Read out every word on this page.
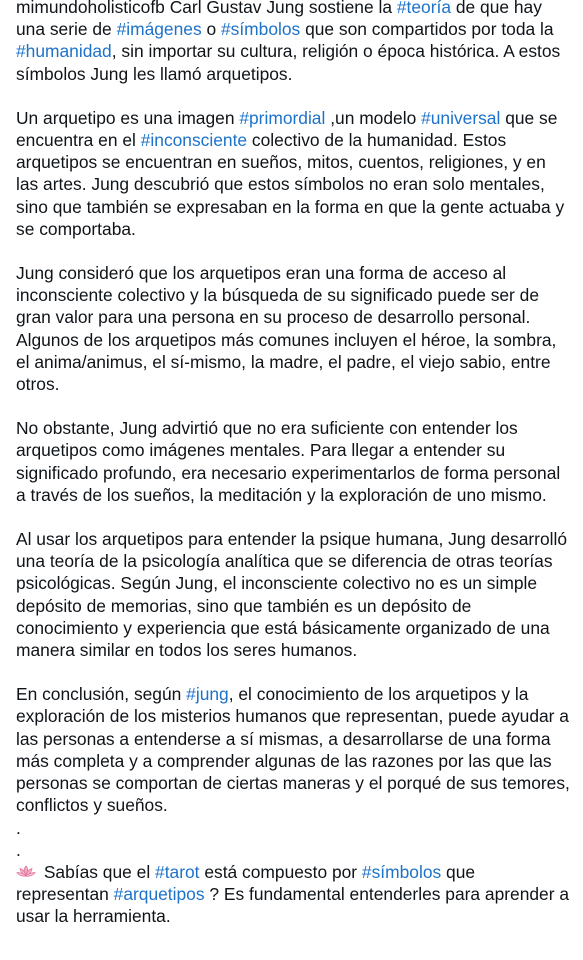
mimundoholisticofb Carl Gustav Jung sostiene la #teoría de que hay una serie de #imágenes o #símbolos que son compartidos por toda la #humanidad, sin importar su cultura, religión o época histórica. A estos símbolos Jung les llamó arquetipos.

Un arquetipo es una imagen #primordial ,un modelo #universal que se encuentra en el #inconsciente colectivo de la humanidad. Estos arquetipos se encuentran en sueños, mitos, cuentos, religiones, y en las artes. Jung descubrió que estos símbolos no eran solo mentales, sino que también se expresaban en la forma en que la gente actuaba y se comportaba.

Jung consideró que los arquetipos eran una forma de acceso al inconsciente colectivo y la búsqueda de su significado puede ser de gran valor para una persona en su proceso de desarrollo personal. Algunos de los arquetipos más comunes incluyen el héroe, la sombra, el anima/animus, el sí-mismo, la madre, el padre, el viejo sabio, entre otros.

No obstante, Jung advirtió que no era suficiente con entender los arquetipos como imágenes mentales. Para llegar a entender su significado profundo, era necesario experimentarlos de forma personal a través de los sueños, la meditación y la exploración de uno mismo.

Al usar los arquetipos para entender la psique humana, Jung desarrolló una teoría de la psicología analítica que se diferencia de otras teorías psicológicas. Según Jung, el inconsciente colectivo no es un simple depósito de memorias, sino que también es un depósito de conocimiento y experiencia que está básicamente organizado de una manera similar en todos los seres humanos.

En conclusión, según #jung, el conocimiento de los arquetipos y la exploración de los misterios humanos que representan, puede ayudar a las personas a entenderse a sí mismas, a desarrollarse de una forma más completa y a comprender algunas de las razones por las que las personas se comportan de ciertas maneras y el porqué de sus temores, conflictos y sueños.

.

.

Sabías que el #tarot está compuesto por #símbolos que representan #arquetipos ? Es fundamental entenderles para aprender a usar la herramienta.
